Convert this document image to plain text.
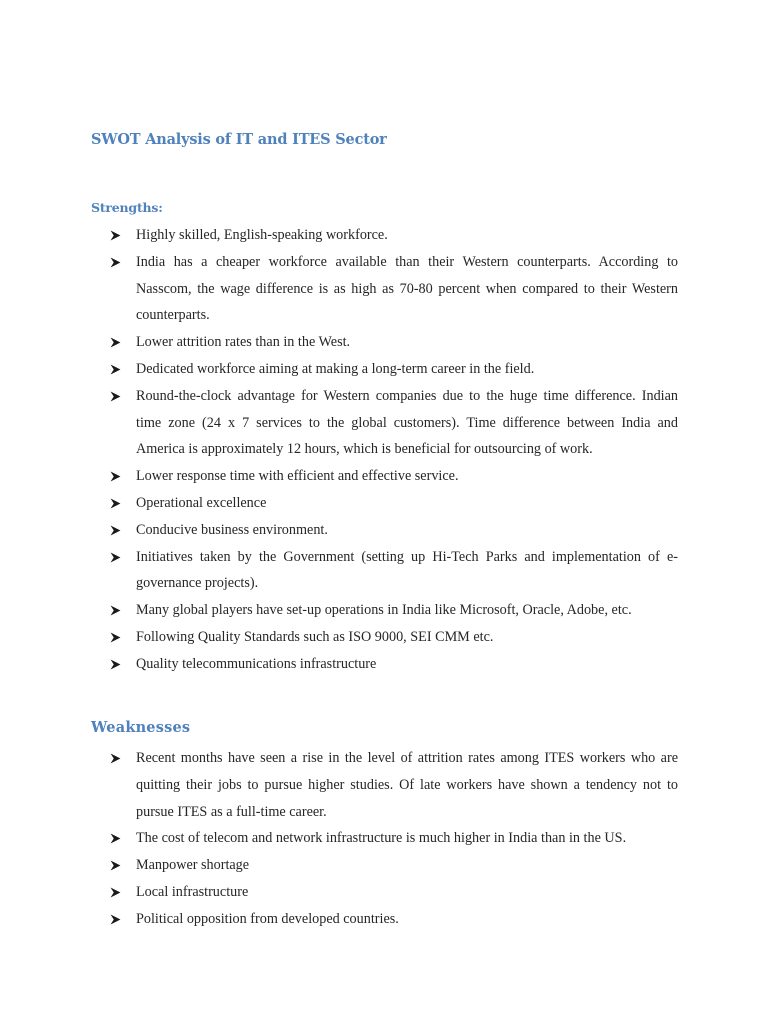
SWOT Analysis of IT and ITES Sector
Strengths:
Highly skilled, English-speaking workforce.
India has a cheaper workforce available than their Western counterparts. According to Nasscom, the wage difference is as high as 70-80 percent when compared to their Western counterparts.
Lower attrition rates than in the West.
Dedicated workforce aiming at making a long-term career in the field.
Round-the-clock advantage for Western companies due to the huge time difference. Indian time zone (24 x 7 services to the global customers). Time difference between India and America is approximately 12 hours, which is beneficial for outsourcing of work.
Lower response time with efficient and effective service.
Operational excellence
Conducive business environment.
Initiatives taken by the Government (setting up Hi-Tech Parks and implementation of e-governance projects).
Many global players have set-up operations in India like Microsoft, Oracle, Adobe, etc.
Following Quality Standards such as ISO 9000, SEI CMM etc.
Quality telecommunications infrastructure
Weaknesses
Recent months have seen a rise in the level of attrition rates among ITES workers who are quitting their jobs to pursue higher studies. Of late workers have shown a tendency not to pursue ITES as a full-time career.
The cost of telecom and network infrastructure is much higher in India than in the US.
Manpower shortage
Local infrastructure
Political opposition from developed countries.
